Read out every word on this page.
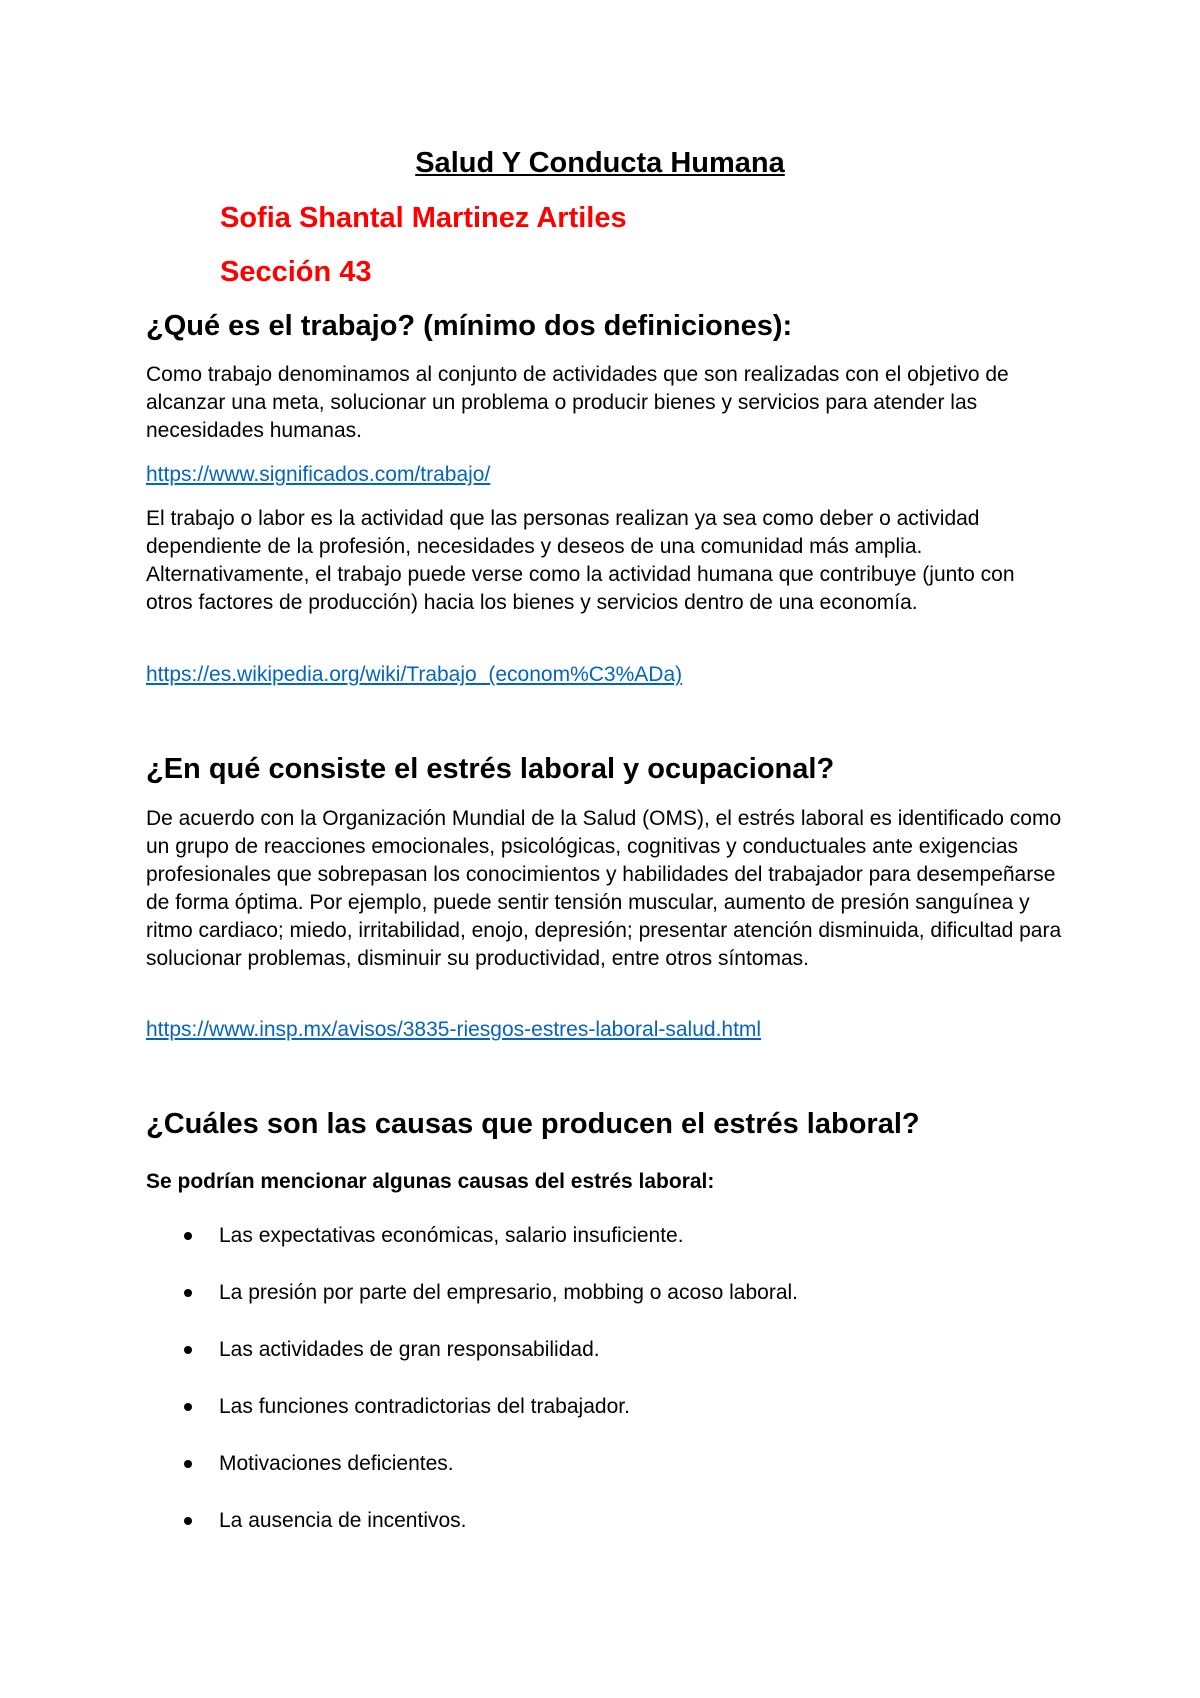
Salud Y Conducta Humana
Sofia Shantal Martinez Artiles
Sección 43
¿Qué es el trabajo? (mínimo dos definiciones):

Como trabajo denominamos al conjunto de actividades que son realizadas con el objetivo de alcanzar una meta, solucionar un problema o producir bienes y servicios para atender las necesidades humanas.

https://www.significados.com/trabajo/

El trabajo o labor es la actividad que las personas realizan ya sea como deber o actividad dependiente de la profesión, necesidades y deseos de una comunidad más amplia. Alternativamente, el trabajo puede verse como la actividad humana que contribuye (junto con otros factores de producción) hacia los bienes y servicios dentro de una economía.

https://es.wikipedia.org/wiki/Trabajo_(econom%C3%ADa)
¿En qué consiste el estrés laboral y ocupacional?

De acuerdo con la Organización Mundial de la Salud (OMS), el estrés laboral es identificado como un grupo de reacciones emocionales, psicológicas, cognitivas y conductuales ante exigencias profesionales que sobrepasan los conocimientos y habilidades del trabajador para desempeñarse de forma óptima. Por ejemplo, puede sentir tensión muscular, aumento de presión sanguínea y ritmo cardiaco; miedo, irritabilidad, enojo, depresión; presentar atención disminuida, dificultad para solucionar problemas, disminuir su productividad, entre otros síntomas.

https://www.insp.mx/avisos/3835-riesgos-estres-laboral-salud.html
¿Cuáles son las causas que producen el estrés laboral?

Se podrían mencionar algunas causas del estrés laboral:

Las expectativas económicas, salario insuficiente.
La presión por parte del empresario, mobbing o acoso laboral.
Las actividades de gran responsabilidad.
Las funciones contradictorias del trabajador.
Motivaciones deficientes.
La ausencia de incentivos.
